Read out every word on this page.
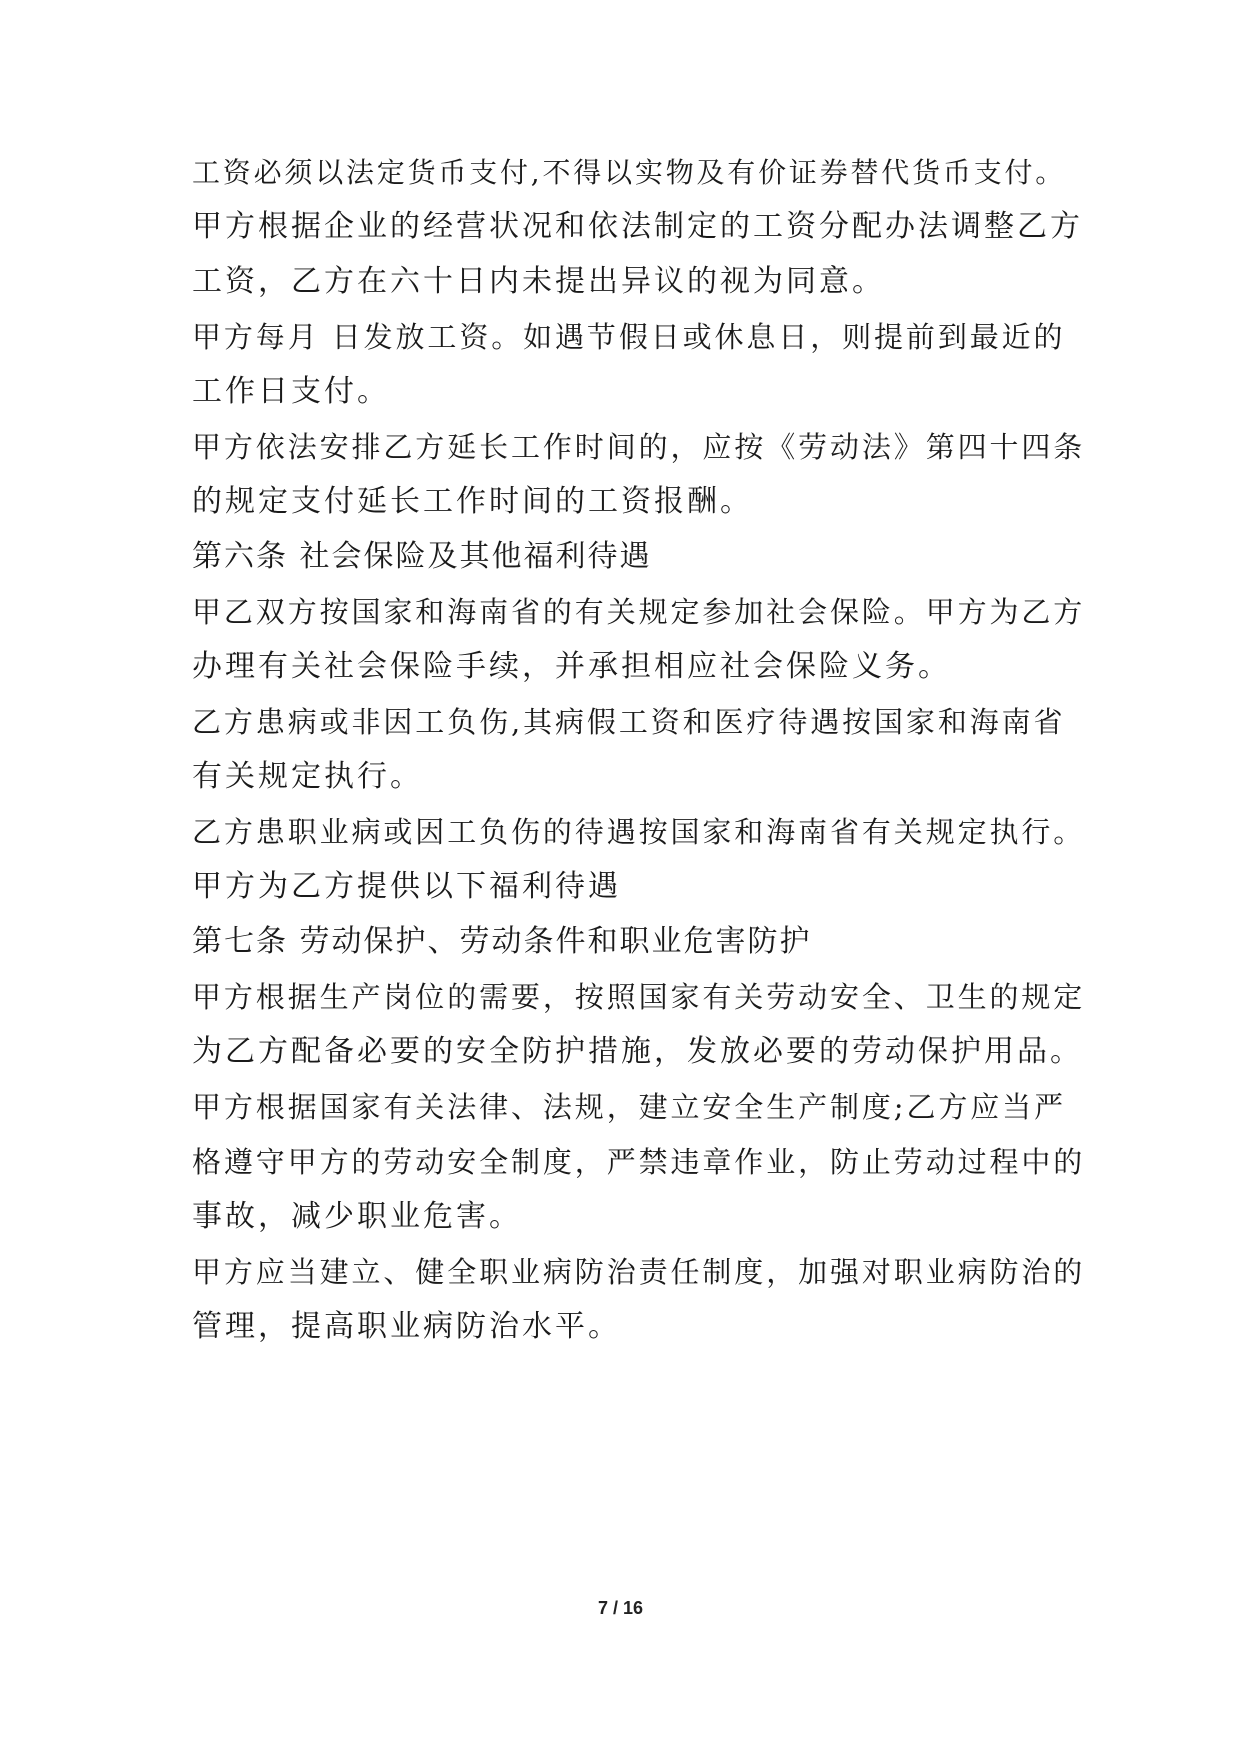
工资必须以法定货币支付,不得以实物及有价证券替代货币支付。
甲方根据企业的经营状况和依法制定的工资分配办法调整乙方
工资，乙方在六十日内未提出异议的视为同意。
甲方每月 日发放工资。如遇节假日或休息日，则提前到最近的
工作日支付。
甲方依法安排乙方延长工作时间的，应按《劳动法》第四十四条
的规定支付延长工作时间的工资报酬。
第六条 社会保险及其他福利待遇
甲乙双方按国家和海南省的有关规定参加社会保险。甲方为乙方
办理有关社会保险手续，并承担相应社会保险义务。
乙方患病或非因工负伤,其病假工资和医疗待遇按国家和海南省
有关规定执行。
乙方患职业病或因工负伤的待遇按国家和海南省有关规定执行。
甲方为乙方提供以下福利待遇
第七条 劳动保护、劳动条件和职业危害防护
甲方根据生产岗位的需要，按照国家有关劳动安全、卫生的规定
为乙方配备必要的安全防护措施，发放必要的劳动保护用品。
甲方根据国家有关法律、法规，建立安全生产制度;乙方应当严
格遵守甲方的劳动安全制度，严禁违章作业，防止劳动过程中的
事故，减少职业危害。
甲方应当建立、健全职业病防治责任制度，加强对职业病防治的
管理，提高职业病防治水平。
7 / 16
